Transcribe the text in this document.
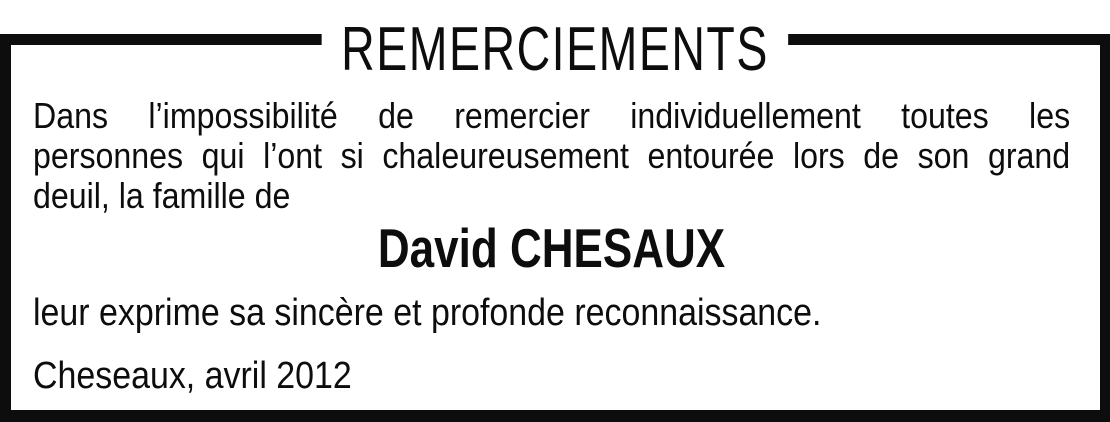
Dans l’impossibilité de remercier individuellement toutes les
personnes qui l’ont si chaleureusement entourée lors de son grand
deuil, la famille de
David CHESAUX
leur exprime sa sincère et profonde reconnaissance.
Cheseaux, avril 2012
REMERCIEMENTS
